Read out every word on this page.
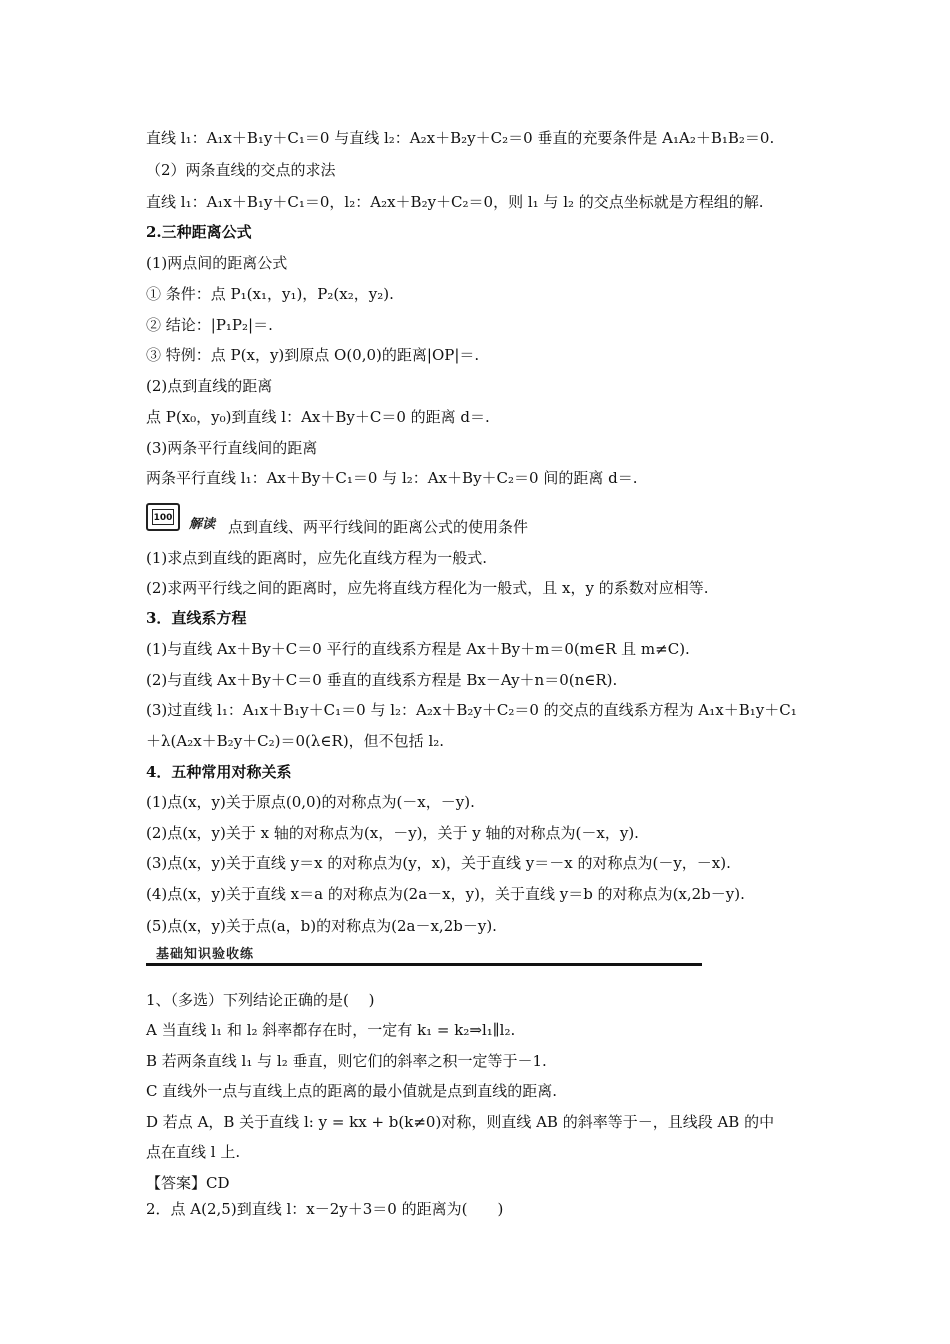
直线 l₁：A₁x＋B₁y＋C₁＝0 与直线 l₂：A₂x＋B₂y＋C₂＝0 垂直的充要条件是 A₁A₂＋B₁B₂＝0.
（2）两条直线的交点的求法
直线 l₁：A₁x＋B₁y＋C₁＝0，l₂：A₂x＋B₂y＋C₂＝0，则 l₁ 与 l₂ 的交点坐标就是方程组的解.
2.三种距离公式
(1)两点间的距离公式
① 条件：点 P₁(x₁，y₁)，P₂(x₂，y₂).
② 结论：|P₁P₂|＝.
③ 特例：点 P(x，y)到原点 O(0,0)的距离|OP|＝.
(2)点到直线的距离
点 P(x₀，y₀)到直线 l：Ax＋By＋C＝0 的距离 d＝.
(3)两条平行直线间的距离
两条平行直线 l₁：Ax＋By＋C₁＝0 与 l₂：Ax＋By＋C₂＝0 间的距离 d＝.
100 解读 点到直线、两平行线间的距离公式的使用条件
(1)求点到直线的距离时，应先化直线方程为一般式.
(2)求两平行线之间的距离时，应先将直线方程化为一般式，且 x，y 的系数对应相等.
3．直线系方程
(1)与直线 Ax＋By＋C＝0 平行的直线系方程是 Ax＋By＋m＝0(m∈R 且 m≠C).
(2)与直线 Ax＋By＋C＝0 垂直的直线系方程是 Bx－Ay＋n＝0(n∈R).
(3)过直线 l₁：A₁x＋B₁y＋C₁＝0 与 l₂：A₂x＋B₂y＋C₂＝0 的交点的直线系方程为 A₁x＋B₁y＋C₁
＋λ(A₂x＋B₂y＋C₂)＝0(λ∈R)，但不包括 l₂.
4．五种常用对称关系
(1)点(x，y)关于原点(0,0)的对称点为(－x，－y).
(2)点(x，y)关于 x 轴的对称点为(x，－y)，关于 y 轴的对称点为(－x，y).
(3)点(x，y)关于直线 y＝x 的对称点为(y，x)，关于直线 y＝－x 的对称点为(－y，－x).
(4)点(x，y)关于直线 x＝a 的对称点为(2a－x，y)，关于直线 y＝b 的对称点为(x,2b－y).
(5)点(x，y)关于点(a，b)的对称点为(2a－x,2b－y).
基础知识验收练
1、（多选）下列结论正确的是(　 )
A 当直线 l₁ 和 l₂ 斜率都存在时，一定有 k₁ = k₂⇒l₁∥l₂.
B 若两条直线 l₁ 与 l₂ 垂直，则它们的斜率之积一定等于－1.
C 直线外一点与直线上点的距离的最小值就是点到直线的距离.
D 若点 A，B 关于直线 l: y = kx + b(k≠0)对称，则直线 AB 的斜率等于－，且线段 AB 的中
点在直线 l 上.
【答案】CD
2．点 A(2,5)到直线 l：x－2y＋3＝0 的距离为(　　)
